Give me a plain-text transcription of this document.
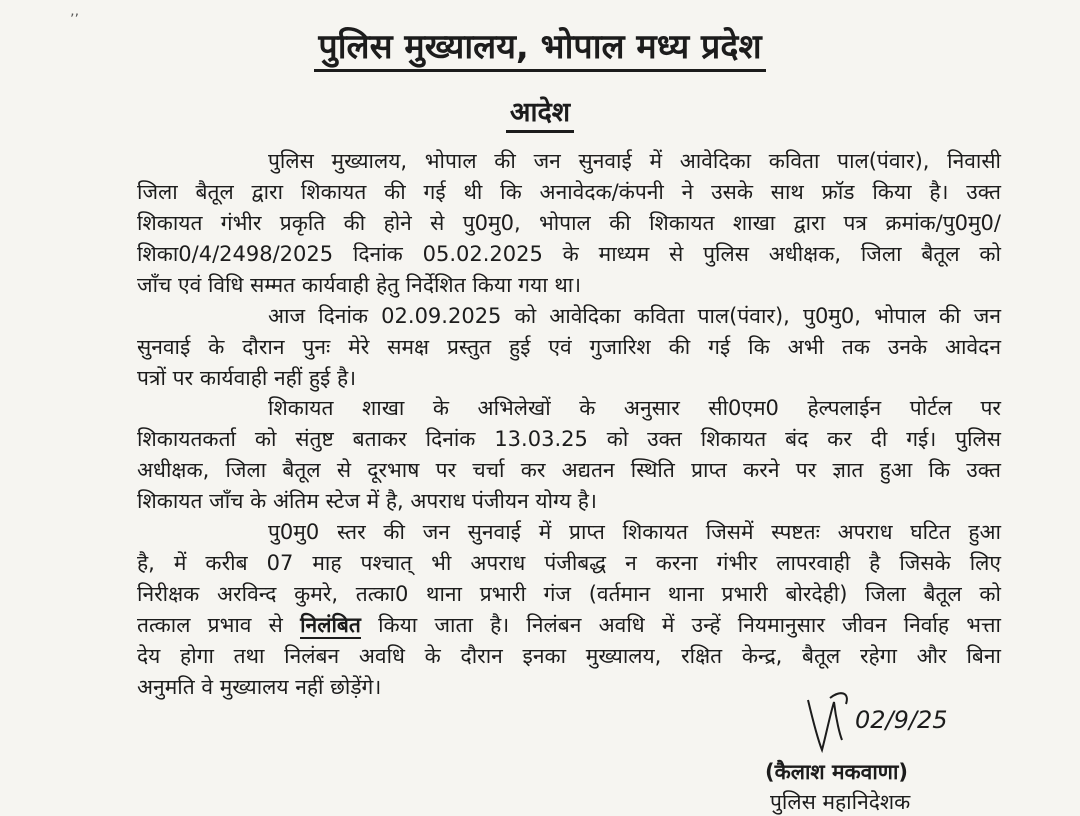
’’
पुलिस मुख्यालय, भोपाल मध्य प्रदेश
आदेश
पुलिस मुख्यालय, भोपाल की जन सुनवाई में आवेदिका कविता पाल(पंवार), निवासी
जिला बैतूल द्वारा शिकायत की गई थी कि अनावेदक/कंपनी ने उसके साथ फ्रॉड किया है। उक्त
शिकायत गंभीर प्रकृति की होने से पु0मु0, भोपाल की शिकायत शाखा द्वारा पत्र क्रमांक/पु0मु0/
शिका0/4/2498/2025 दिनांक 05.02.2025 के माध्यम से पुलिस अधीक्षक, जिला बैतूल को
जाँच एवं विधि सम्मत कार्यवाही हेतु निर्देशित किया गया था।
आज दिनांक 02.09.2025 को आवेदिका कविता पाल(पंवार), पु0मु0, भोपाल की जन
सुनवाई के दौरान पुनः मेरे समक्ष प्रस्तुत हुई एवं गुजारिश की गई कि अभी तक उनके आवेदन
पत्रों पर कार्यवाही नहीं हुई है।
शिकायत शाखा के अभिलेखों के अनुसार सी0एम0 हेल्पलाईन पोर्टल पर
शिकायतकर्ता को संतुष्ट बताकर दिनांक 13.03.25 को उक्त शिकायत बंद कर दी गई। पुलिस
अधीक्षक, जिला बैतूल से दूरभाष पर चर्चा कर अद्यतन स्थिति प्राप्त करने पर ज्ञात हुआ कि उक्त
शिकायत जाँच के अंतिम स्टेज में है, अपराध पंजीयन योग्य है।
पु0मु0 स्तर की जन सुनवाई में प्राप्त शिकायत जिसमें स्पष्टतः अपराध घटित हुआ
है, में करीब 07 माह पश्चात् भी अपराध पंजीबद्ध न करना गंभीर लापरवाही है जिसके लिए
निरीक्षक अरविन्द कुमरे, तत्का0 थाना प्रभारी गंज (वर्तमान थाना प्रभारी बोरदेही) जिला बैतूल को
तत्काल प्रभाव से निलंबित किया जाता है। निलंबन अवधि में उन्हें नियमानुसार जीवन निर्वाह भत्ता
देय होगा तथा निलंबन अवधि के दौरान इनका मुख्यालय, रक्षित केन्द्र, बैतूल रहेगा और बिना
अनुमति वे मुख्यालय नहीं छोड़ेंगे।
02/9/25
(कैलाश मकवाणा)
पुलिस महानिदेशक
